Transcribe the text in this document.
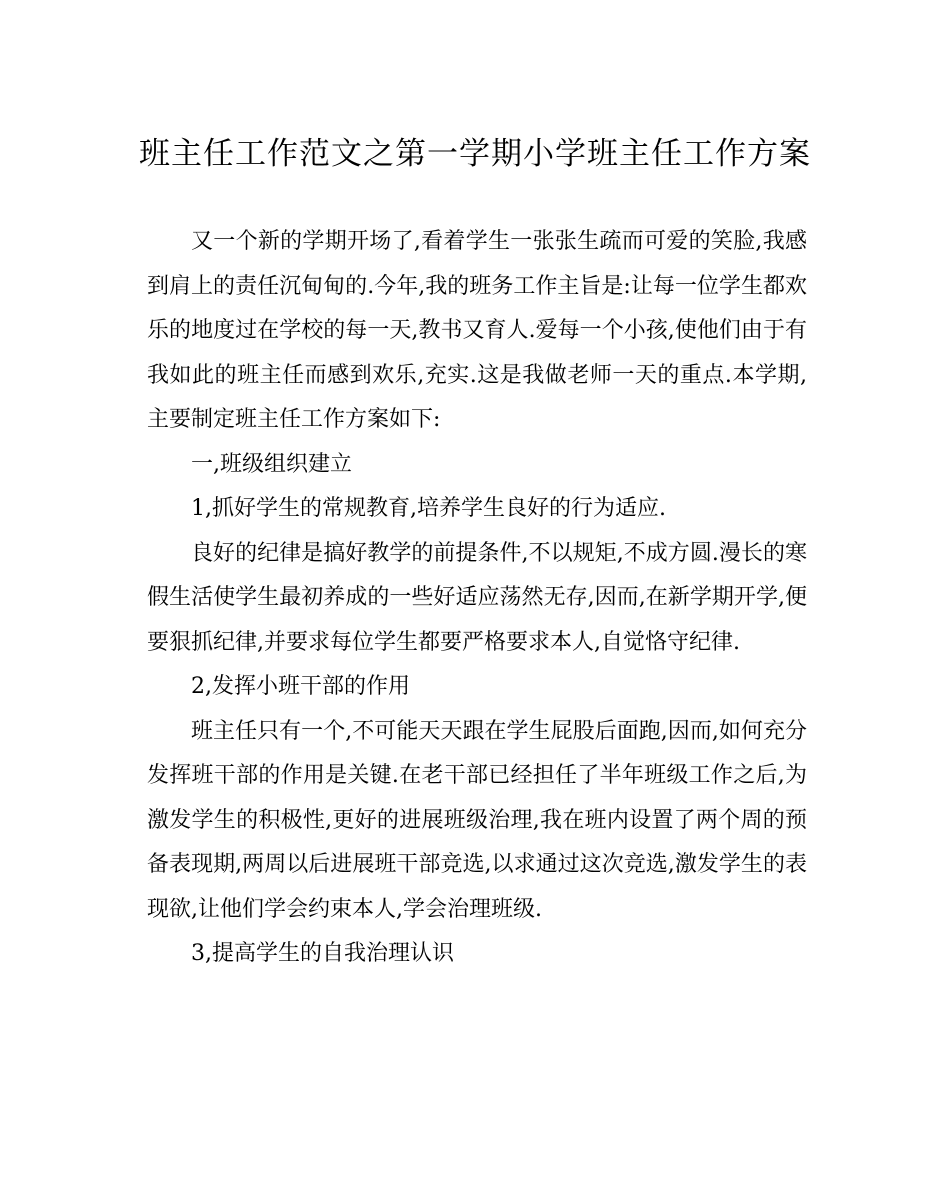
班主任工作范文之第一学期小学班主任工作方案

又一个新的学期开场了,看着学生一张张生疏而可爱的笑脸,我感到肩上的责任沉甸甸的.今年,我的班务工作主旨是:让每一位学生都欢乐的地度过在学校的每一天,教书又育人.爱每一个小孩,使他们由于有我如此的班主任而感到欢乐,充实.这是我做老师一天的重点.本学期,主要制定班主任工作方案如下:

一,班级组织建立

1,抓好学生的常规教育,培养学生良好的行为适应.

良好的纪律是搞好教学的前提条件,不以规矩,不成方圆.漫长的寒假生活使学生最初养成的一些好适应荡然无存,因而,在新学期开学,便要狠抓纪律,并要求每位学生都要严格要求本人,自觉恪守纪律.

2,发挥小班干部的作用

班主任只有一个,不可能天天跟在学生屁股后面跑,因而,如何充分发挥班干部的作用是关键.在老干部已经担任了半年班级工作之后,为激发学生的积极性,更好的进展班级治理,我在班内设置了两个周的预备表现期,两周以后进展班干部竞选,以求通过这次竞选,激发学生的表现欲,让他们学会约束本人,学会治理班级.

3,提高学生的自我治理认识
